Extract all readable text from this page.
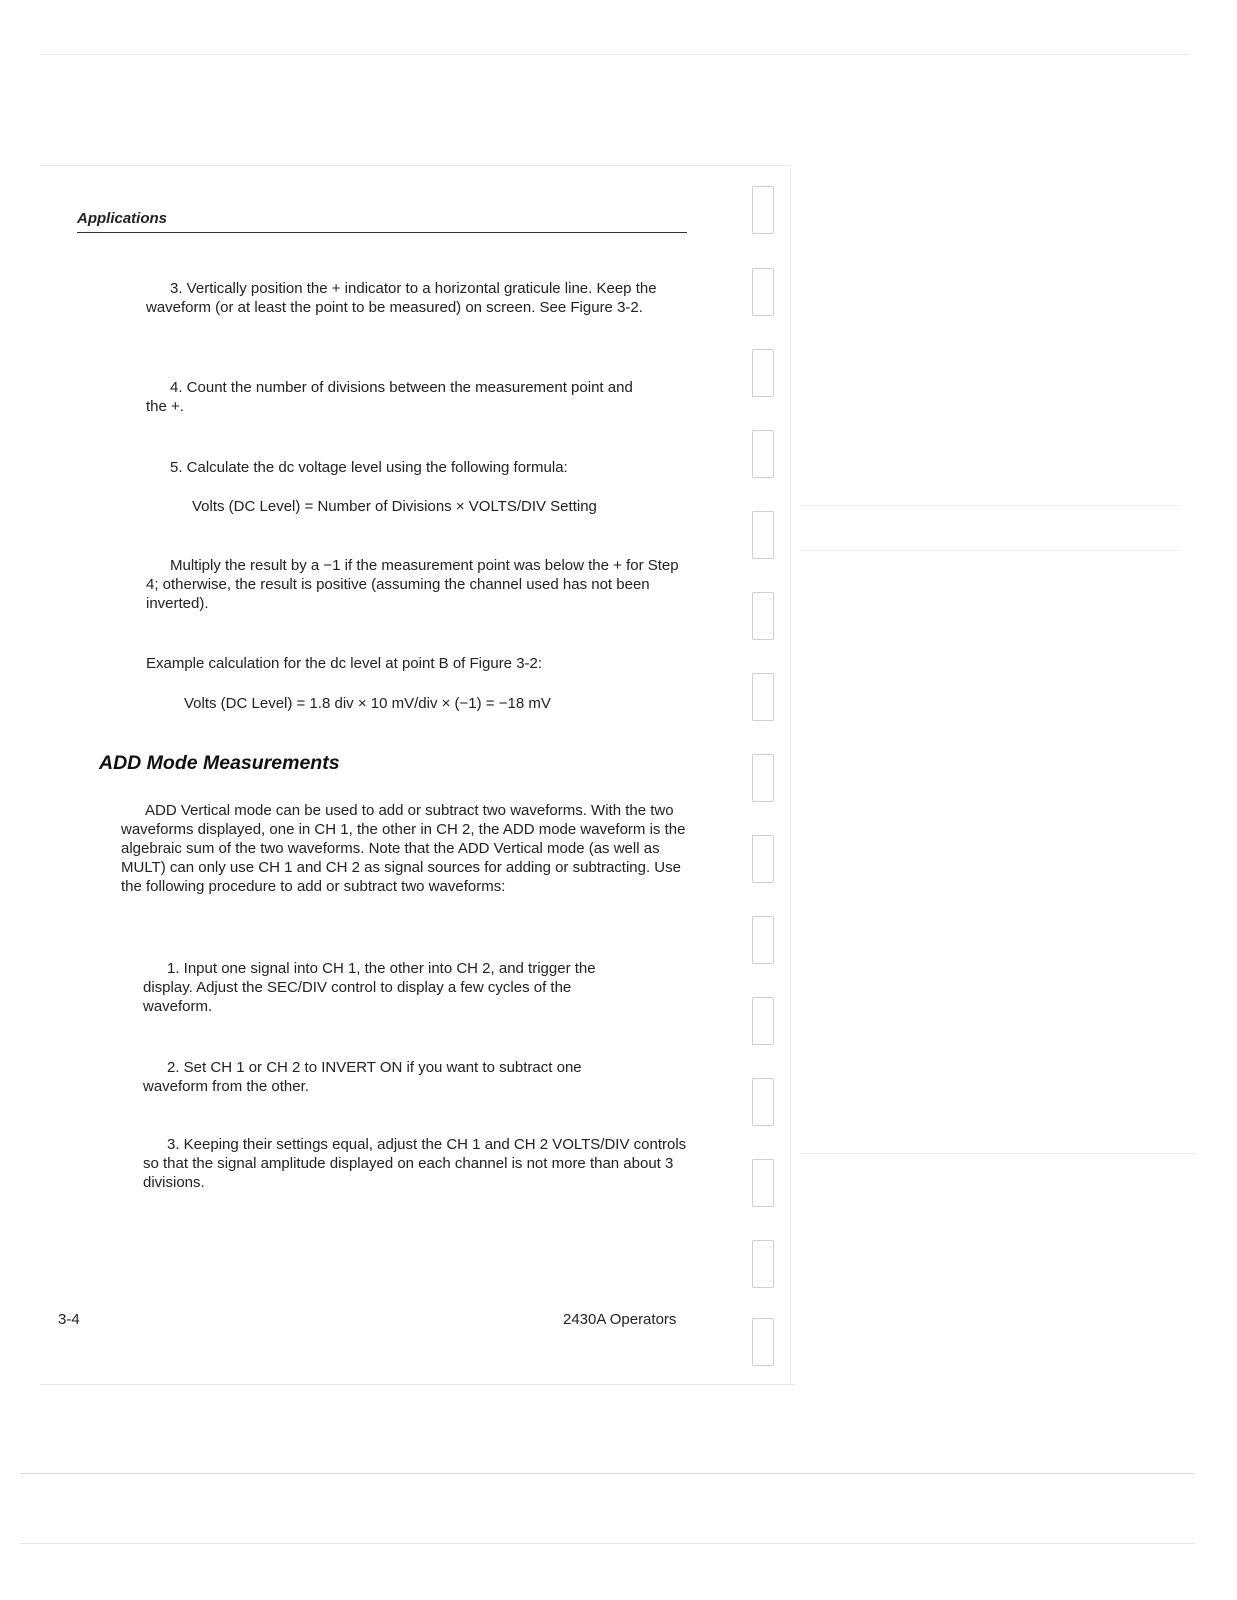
Applications
3. Vertically position the + indicator to a horizontal graticule line. Keep the waveform (or at least the point to be measured) on screen. See Figure 3-2.
4. Count the number of divisions between the measurement point and the +.
5. Calculate the dc voltage level using the following formula:
Volts (DC Level) = Number of Divisions × VOLTS/DIV Setting
Multiply the result by a −1 if the measurement point was below the + for Step 4; otherwise, the result is positive (assuming the channel used has not been inverted).
Example calculation for the dc level at point B of Figure 3-2:
Volts (DC Level) = 1.8 div × 10 mV/div × (−1) = −18 mV
ADD Mode Measurements
ADD Vertical mode can be used to add or subtract two waveforms. With the two waveforms displayed, one in CH 1, the other in CH 2, the ADD mode waveform is the algebraic sum of the two waveforms. Note that the ADD Vertical mode (as well as MULT) can only use CH 1 and CH 2 as signal sources for adding or subtracting. Use the following procedure to add or subtract two waveforms:
1. Input one signal into CH 1, the other into CH 2, and trigger the display. Adjust the SEC/DIV control to display a few cycles of the waveform.
2. Set CH 1 or CH 2 to INVERT ON if you want to subtract one waveform from the other.
3. Keeping their settings equal, adjust the CH 1 and CH 2 VOLTS/DIV controls so that the signal amplitude displayed on each channel is not more than about 3 divisions.
3-4	2430A Operators
